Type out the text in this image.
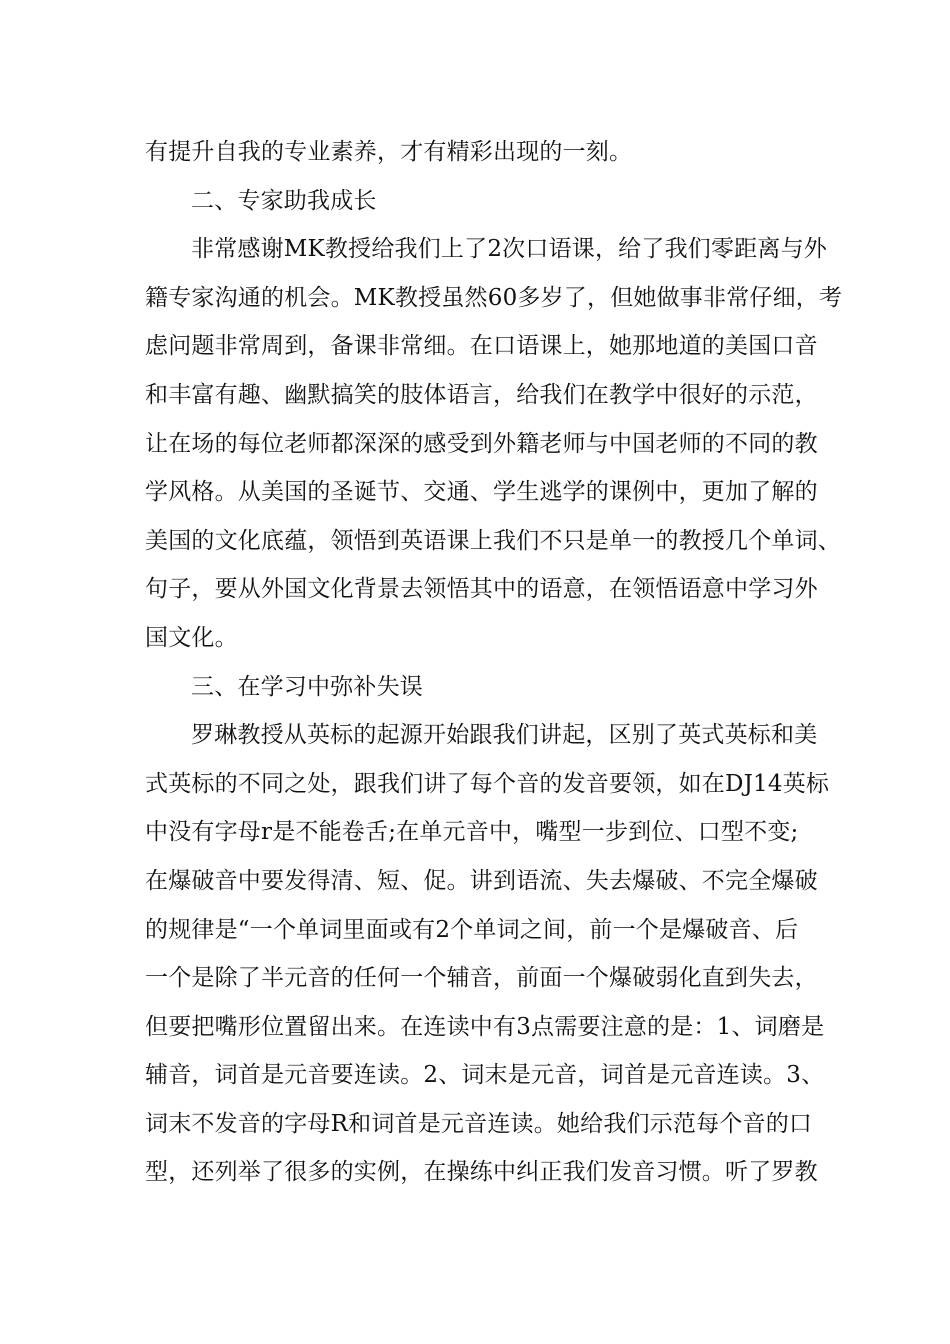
有提升自我的专业素养，才有精彩出现的一刻。
二、专家助我成长
非常感谢MK教授给我们上了2次口语课，给了我们零距离与外
籍专家沟通的机会。MK教授虽然60多岁了，但她做事非常仔细，考
虑问题非常周到，备课非常细。在口语课上，她那地道的美国口音
和丰富有趣、幽默搞笑的肢体语言，给我们在教学中很好的示范，
让在场的每位老师都深深的感受到外籍老师与中国老师的不同的教
学风格。从美国的圣诞节、交通、学生逃学的课例中，更加了解的
美国的文化底蕴，领悟到英语课上我们不只是单一的教授几个单词、
句子，要从外国文化背景去领悟其中的语意，在领悟语意中学习外
国文化。
三、在学习中弥补失误
罗琳教授从英标的起源开始跟我们讲起，区别了英式英标和美
式英标的不同之处，跟我们讲了每个音的发音要领，如在DJ14英标
中没有字母r是不能卷舌;在单元音中，嘴型一步到位、口型不变;
在爆破音中要发得清、短、促。讲到语流、失去爆破、不完全爆破
的规律是“一个单词里面或有2个单词之间，前一个是爆破音、后
一个是除了半元音的任何一个辅音，前面一个爆破弱化直到失去，
但要把嘴形位置留出来。在连读中有3点需要注意的是：1、词磨是
辅音，词首是元音要连读。2、词末是元音，词首是元音连读。3、
词末不发音的字母R和词首是元音连读。她给我们示范每个音的口
型，还列举了很多的实例，在操练中纠正我们发音习惯。听了罗教
